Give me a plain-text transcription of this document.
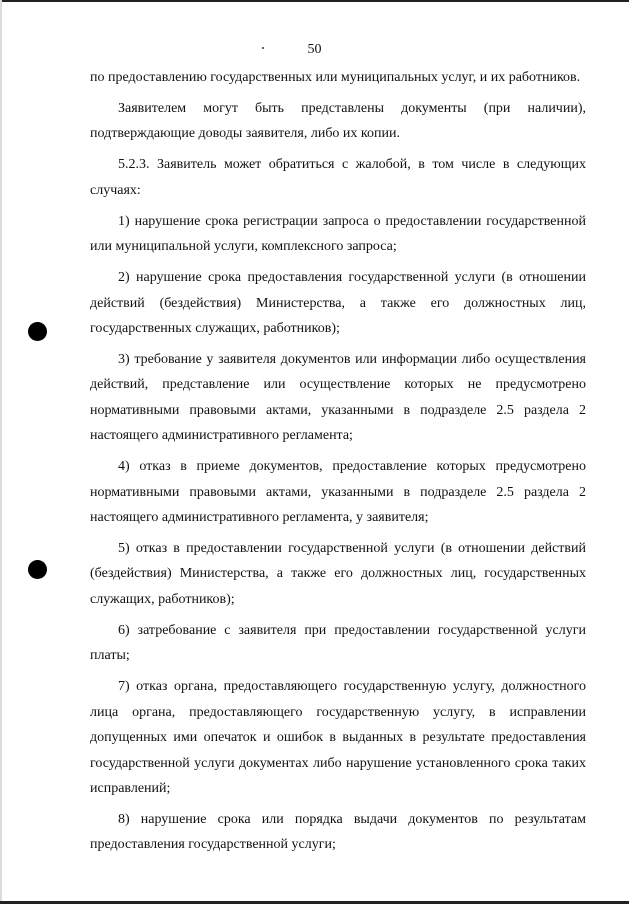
50

по предоставлению государственных или муниципальных услуг, и их работников.

Заявителем могут быть представлены документы (при наличии), подтверждающие доводы заявителя, либо их копии.

5.2.3. Заявитель может обратиться с жалобой, в том числе в следующих случаях:

1) нарушение срока регистрации запроса о предоставлении государственной или муниципальной услуги, комплексного запроса;

2) нарушение срока предоставления государственной услуги (в отношении действий (бездействия) Министерства, а также его должностных лиц, государственных служащих, работников);

3) требование у заявителя документов или информации либо осуществления действий, представление или осуществление которых не предусмотрено нормативными правовыми актами, указанными в подразделе 2.5 раздела 2 настоящего административного регламента;

4) отказ в приеме документов, предоставление которых предусмотрено нормативными правовыми актами, указанными в подразделе 2.5 раздела 2 настоящего административного регламента, у заявителя;

5) отказ в предоставлении государственной услуги (в отношении действий (бездействия) Министерства, а также его должностных лиц, государственных служащих, работников);

6) затребование с заявителя при предоставлении государственной услуги платы;

7) отказ органа, предоставляющего государственную услугу, должностного лица органа, предоставляющего государственную услугу, в исправлении допущенных ими опечаток и ошибок в выданных в результате предоставления государственной услуги документах либо нарушение установленного срока таких исправлений;

8) нарушение срока или порядка выдачи документов по результатам предоставления государственной услуги;
